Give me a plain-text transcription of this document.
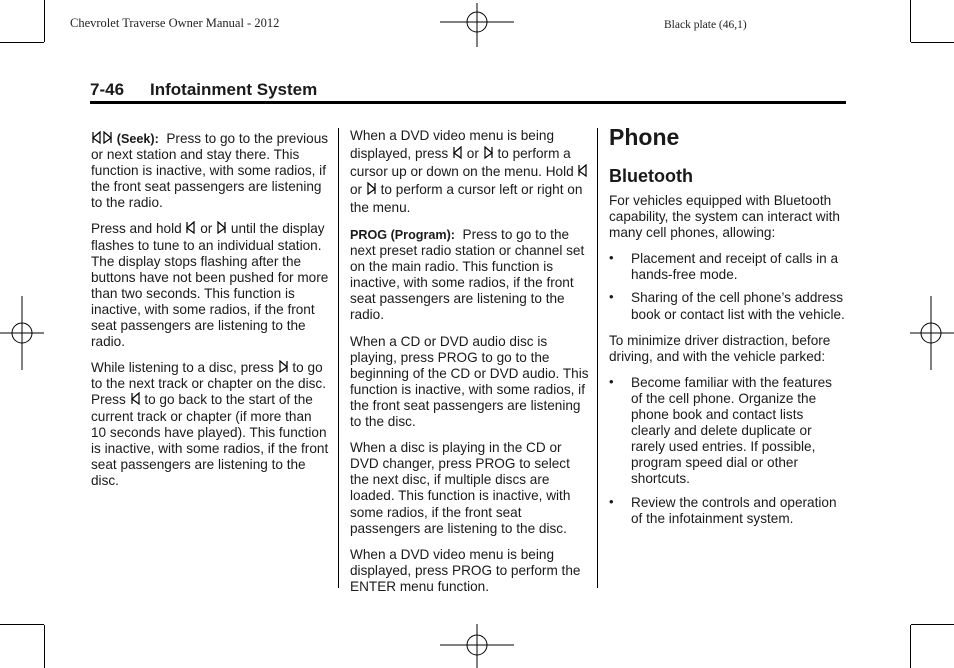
Chevrolet Traverse Owner Manual - 2012	Black plate (46,1)
7-46 Infotainment System

(Seek): Press to go to the previous or next station and stay there. This function is inactive, with some radios, if the front seat passengers are listening to the radio.

Press and hold or until the display flashes to tune to an individual station. The display stops flashing after the buttons have not been pushed for more than two seconds. This function is inactive, with some radios, if the front seat passengers are listening to the radio.

While listening to a disc, press to go to the next track or chapter on the disc. Press to go back to the start of the current track or chapter (if more than 10 seconds have played). This function is inactive, with some radios, if the front seat passengers are listening to the disc.

When a DVD video menu is being displayed, press or to perform a cursor up or down on the menu. Hold  or to perform a cursor left or right on the menu.

PROG (Program): Press to go to the next preset radio station or channel set on the main radio. This function is inactive, with some radios, if the front seat passengers are listening to the radio.

When a CD or DVD audio disc is playing, press PROG to go to the beginning of the CD or DVD audio. This function is inactive, with some radios, if the front seat passengers are listening to the disc.

When a disc is playing in the CD or DVD changer, press PROG to select the next disc, if multiple discs are loaded. This function is inactive, with some radios, if the front seat passengers are listening to the disc.

When a DVD video menu is being displayed, press PROG to perform the ENTER menu function.

Phone
Bluetooth

For vehicles equipped with Bluetooth capability, the system can interact with many cell phones, allowing:

• Placement and receipt of calls in a hands-free mode.
• Sharing of the cell phone’s address book or contact list with the vehicle.

To minimize driver distraction, before driving, and with the vehicle parked:

• Become familiar with the features of the cell phone. Organize the phone book and contact lists clearly and delete duplicate or rarely used entries. If possible, program speed dial or other shortcuts.
• Review the controls and operation of the infotainment system.
